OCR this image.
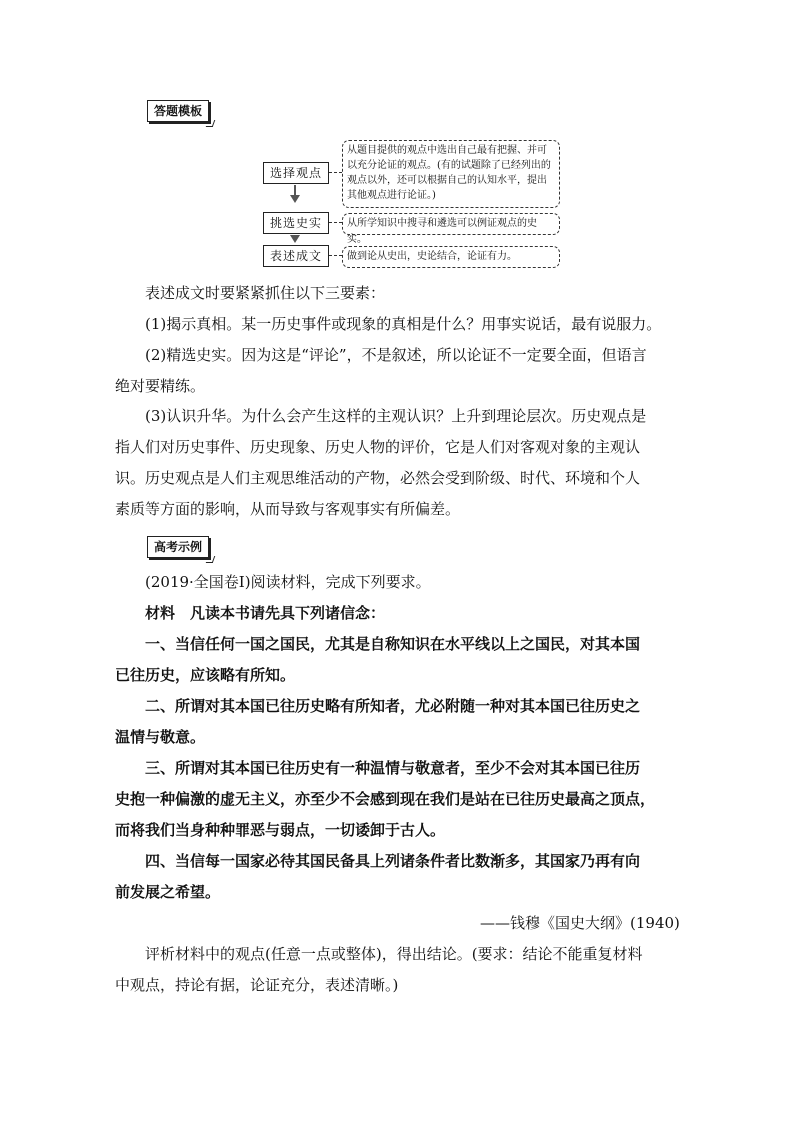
答题模板
选择观点
挑选史实
表述成文
从题目提供的观点中选出自己最有把握、并可以充分论证的观点。(有的试题除了已经列出的观点以外，还可以根据自己的认知水平，提出其他观点进行论证。)
从所学知识中搜寻和遴选可以例证观点的史实。
做到论从史出，史论结合，论证有力。
表述成文时要紧紧抓住以下三要素：
(1)揭示真相。某一历史事件或现象的真相是什么？用事实说话，最有说服力。
(2)精选史实。因为这是“评论”，不是叙述，所以论证不一定要全面，但语言
绝对要精练。
(3)认识升华。为什么会产生这样的主观认识？上升到理论层次。历史观点是
指人们对历史事件、历史现象、历史人物的评价，它是人们对客观对象的主观认
识。历史观点是人们主观思维活动的产物，必然会受到阶级、时代、环境和个人
素质等方面的影响，从而导致与客观事实有所偏差。
高考示例
(2019·全国卷Ⅰ)阅读材料，完成下列要求。
材料　凡读本书请先具下列诸信念：
一、当信任何一国之国民，尤其是自称知识在水平线以上之国民，对其本国
已往历史，应该略有所知。
二、所谓对其本国已往历史略有所知者，尤必附随一种对其本国已往历史之
温情与敬意。
三、所谓对其本国已往历史有一种温情与敬意者，至少不会对其本国已往历
史抱一种偏激的虚无主义，亦至少不会感到现在我们是站在已往历史最高之顶点，
而将我们当身种种罪恶与弱点，一切诿卸于古人。
四、当信每一国家必待其国民备具上列诸条件者比数渐多，其国家乃再有向
前发展之希望。
——钱穆《国史大纲》(1940)
评析材料中的观点(任意一点或整体)，得出结论。(要求：结论不能重复材料
中观点，持论有据，论证充分，表述清晰。)
